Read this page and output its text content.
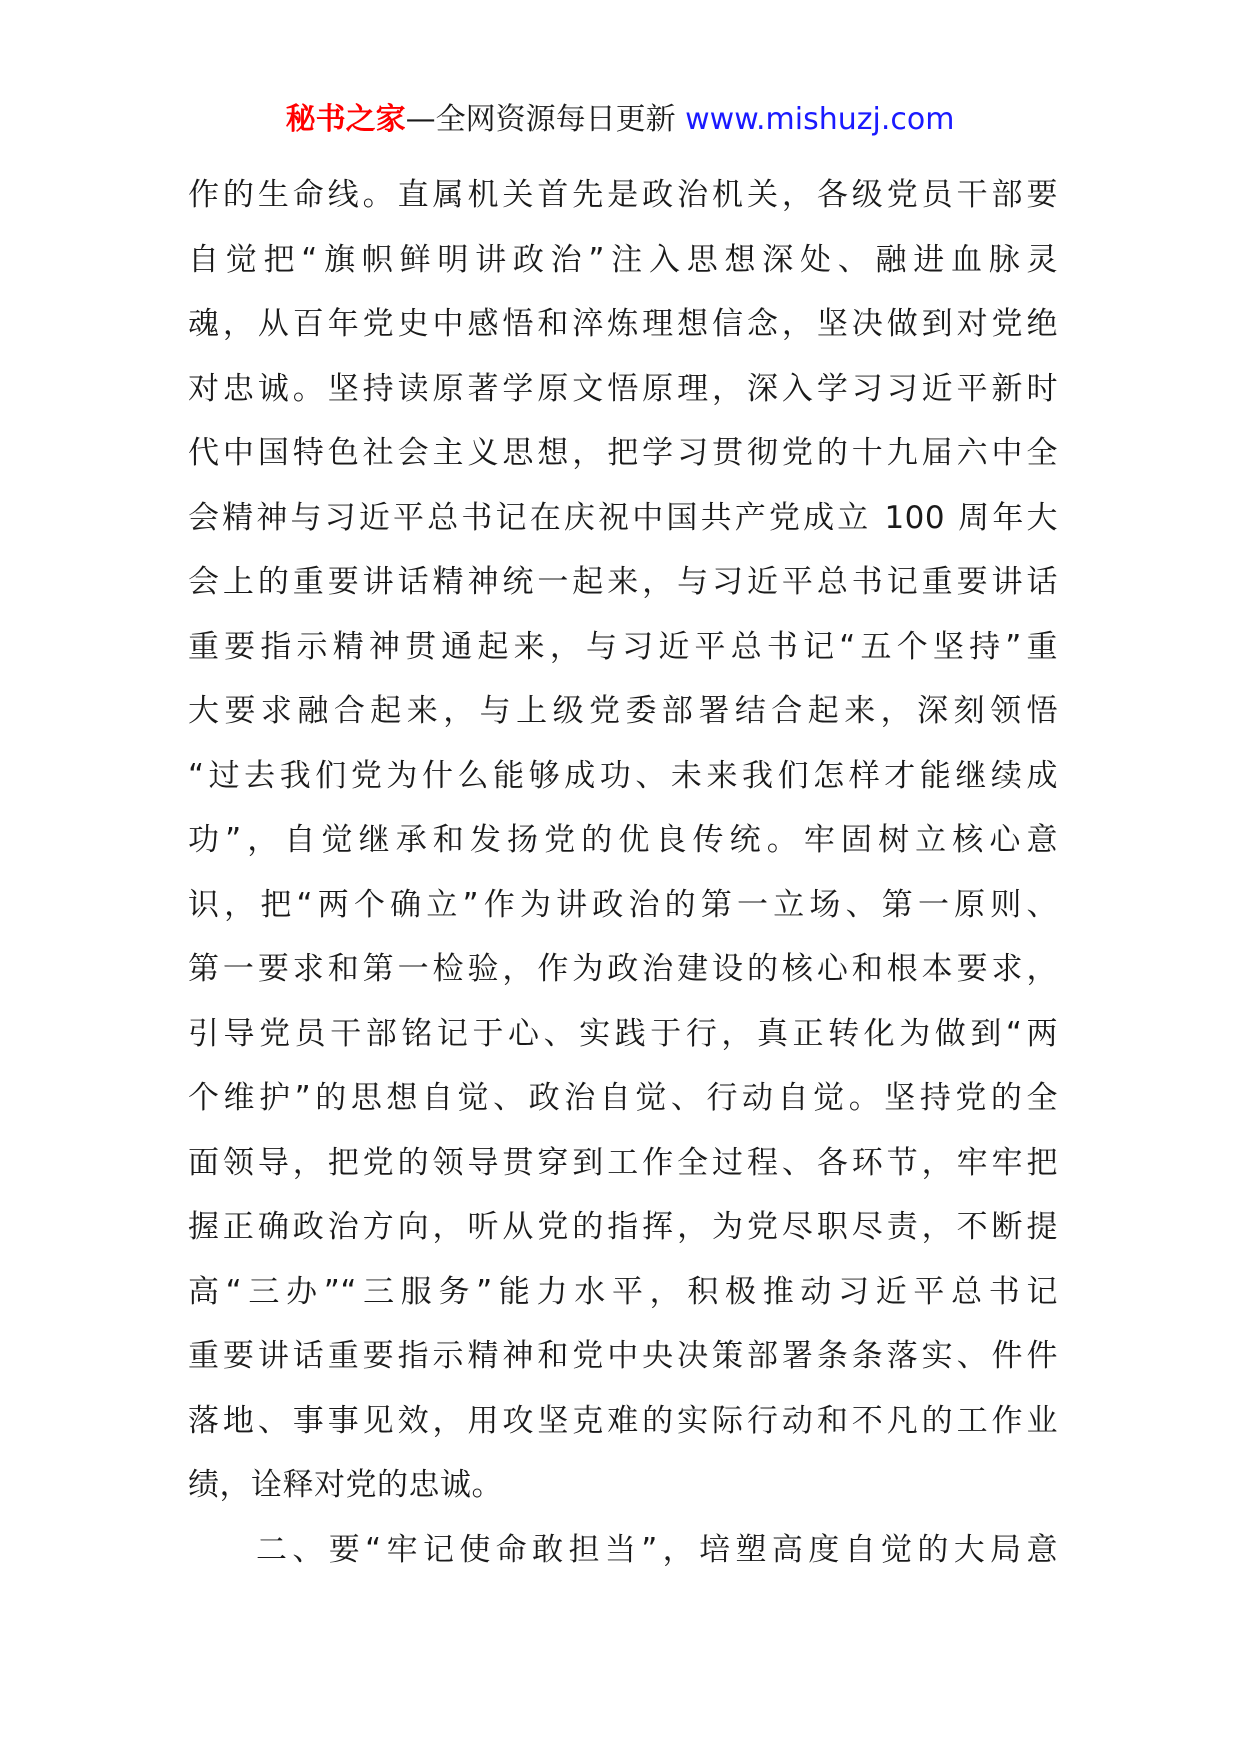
秘书之家—全网资源每日更新 www.mishuzj.com
作的生命线。直属机关首先是政治机关，各级党员干部要
自觉把“旗帜鲜明讲政治”注入思想深处、融进血脉灵
魂，从百年党史中感悟和淬炼理想信念，坚决做到对党绝
对忠诚。坚持读原著学原文悟原理，深入学习习近平新时
代中国特色社会主义思想，把学习贯彻党的十九届六中全
会精神与习近平总书记在庆祝中国共产党成立 100 周年大
会上的重要讲话精神统一起来，与习近平总书记重要讲话
重要指示精神贯通起来，与习近平总书记“五个坚持”重
大要求融合起来，与上级党委部署结合起来，深刻领悟
“过去我们党为什么能够成功、未来我们怎样才能继续成
功”，自觉继承和发扬党的优良传统。牢固树立核心意
识，把“两个确立”作为讲政治的第一立场、第一原则、
第一要求和第一检验，作为政治建设的核心和根本要求，
引导党员干部铭记于心、实践于行，真正转化为做到“两
个维护”的思想自觉、政治自觉、行动自觉。坚持党的全
面领导，把党的领导贯穿到工作全过程、各环节，牢牢把
握正确政治方向，听从党的指挥，为党尽职尽责，不断提
高“三办”“三服务”能力水平，积极推动习近平总书记
重要讲话重要指示精神和党中央决策部署条条落实、件件
落地、事事见效，用攻坚克难的实际行动和不凡的工作业
绩，诠释对党的忠诚。
二、要“牢记使命敢担当”，培塑高度自觉的大局意
